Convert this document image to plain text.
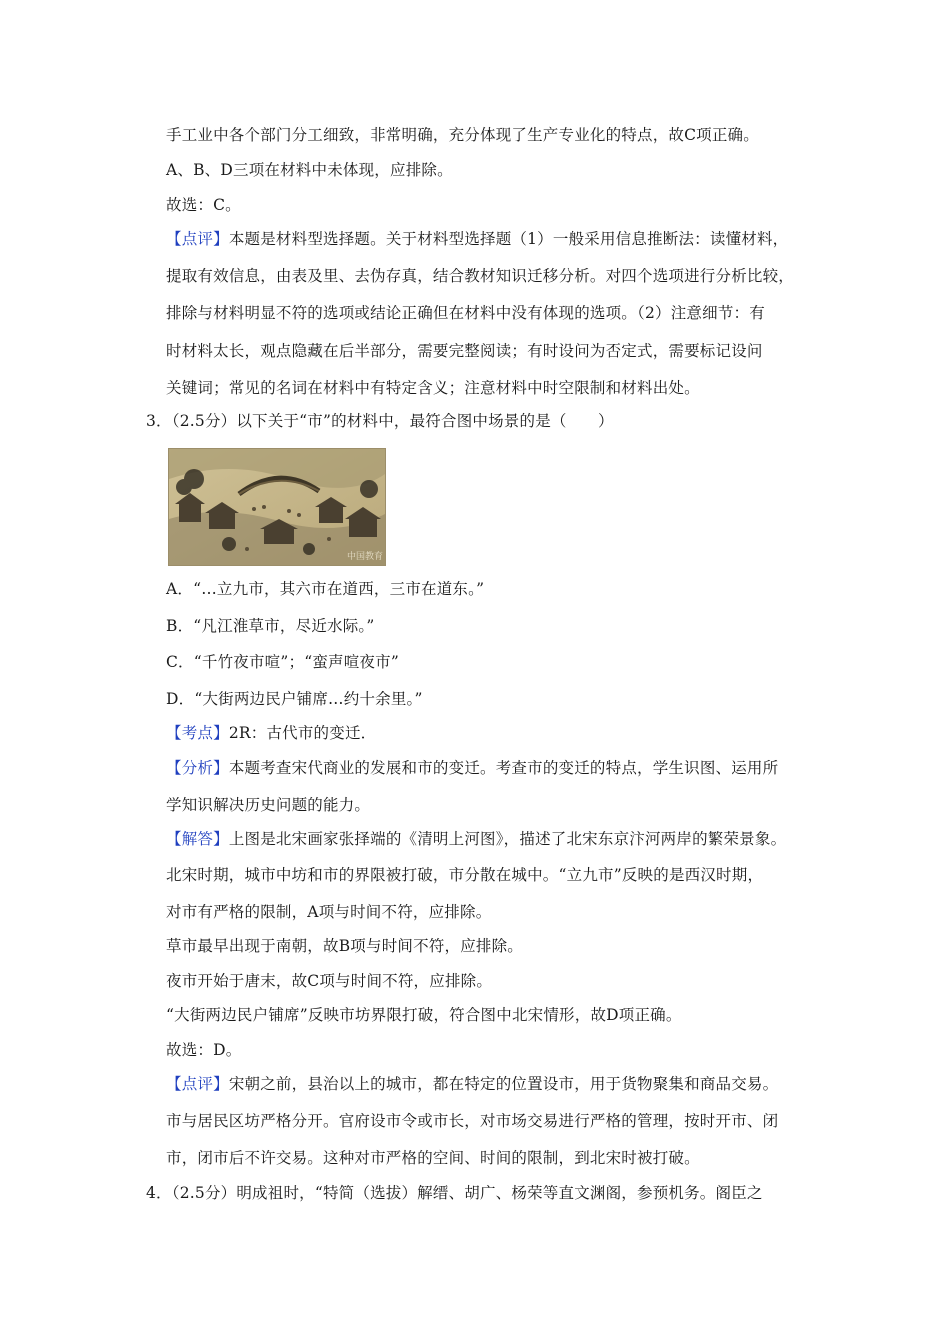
手工业中各个部门分工细致，非常明确，充分体现了生产专业化的特点，故C项正确。
A、B、D三项在材料中未体现，应排除。
故选：C。
【点评】本题是材料型选择题。关于材料型选择题（1）一般采用信息推断法：读懂材料，
提取有效信息，由表及里、去伪存真，结合教材知识迁移分析。对四个选项进行分析比较，
排除与材料明显不符的选项或结论正确但在材料中没有体现的选项。（2）注意细节：有
时材料太长，观点隐藏在后半部分，需要完整阅读；有时设问为否定式，需要标记设问
关键词；常见的名词在材料中有特定含义；注意材料中时空限制和材料出处。
3．（2.5分）以下关于“市”的材料中，最符合图中场景的是（　　）
中国教育
A．“…立九市，其六市在道西，三市在道东。”
B．“凡江淮草市，尽近水际。”
C．“千竹夜市喧”；“蛮声喧夜市”
D．“大街两边民户铺席…约十余里。”
【考点】2R：古代市的变迁．
【分析】本题考查宋代商业的发展和市的变迁。考查市的变迁的特点，学生识图、运用所
学知识解决历史问题的能力。
【解答】上图是北宋画家张择端的《清明上河图》，描述了北宋东京汴河两岸的繁荣景象。
北宋时期，城市中坊和市的界限被打破，市分散在城中。“立九市”反映的是西汉时期，
对市有严格的限制，A项与时间不符，应排除。
草市最早出现于南朝，故B项与时间不符，应排除。
夜市开始于唐末，故C项与时间不符，应排除。
“大街两边民户铺席”反映市坊界限打破，符合图中北宋情形，故D项正确。
故选：D。
【点评】宋朝之前，县治以上的城市，都在特定的位置设市，用于货物聚集和商品交易。
市与居民区坊严格分开。官府设市令或市长，对市场交易进行严格的管理，按时开市、闭
市，闭市后不许交易。这种对市严格的空间、时间的限制，到北宋时被打破。
4．（2.5分）明成祖时，“特简（选拔）解缙、胡广、杨荣等直文渊阁，参预机务。阁臣之
